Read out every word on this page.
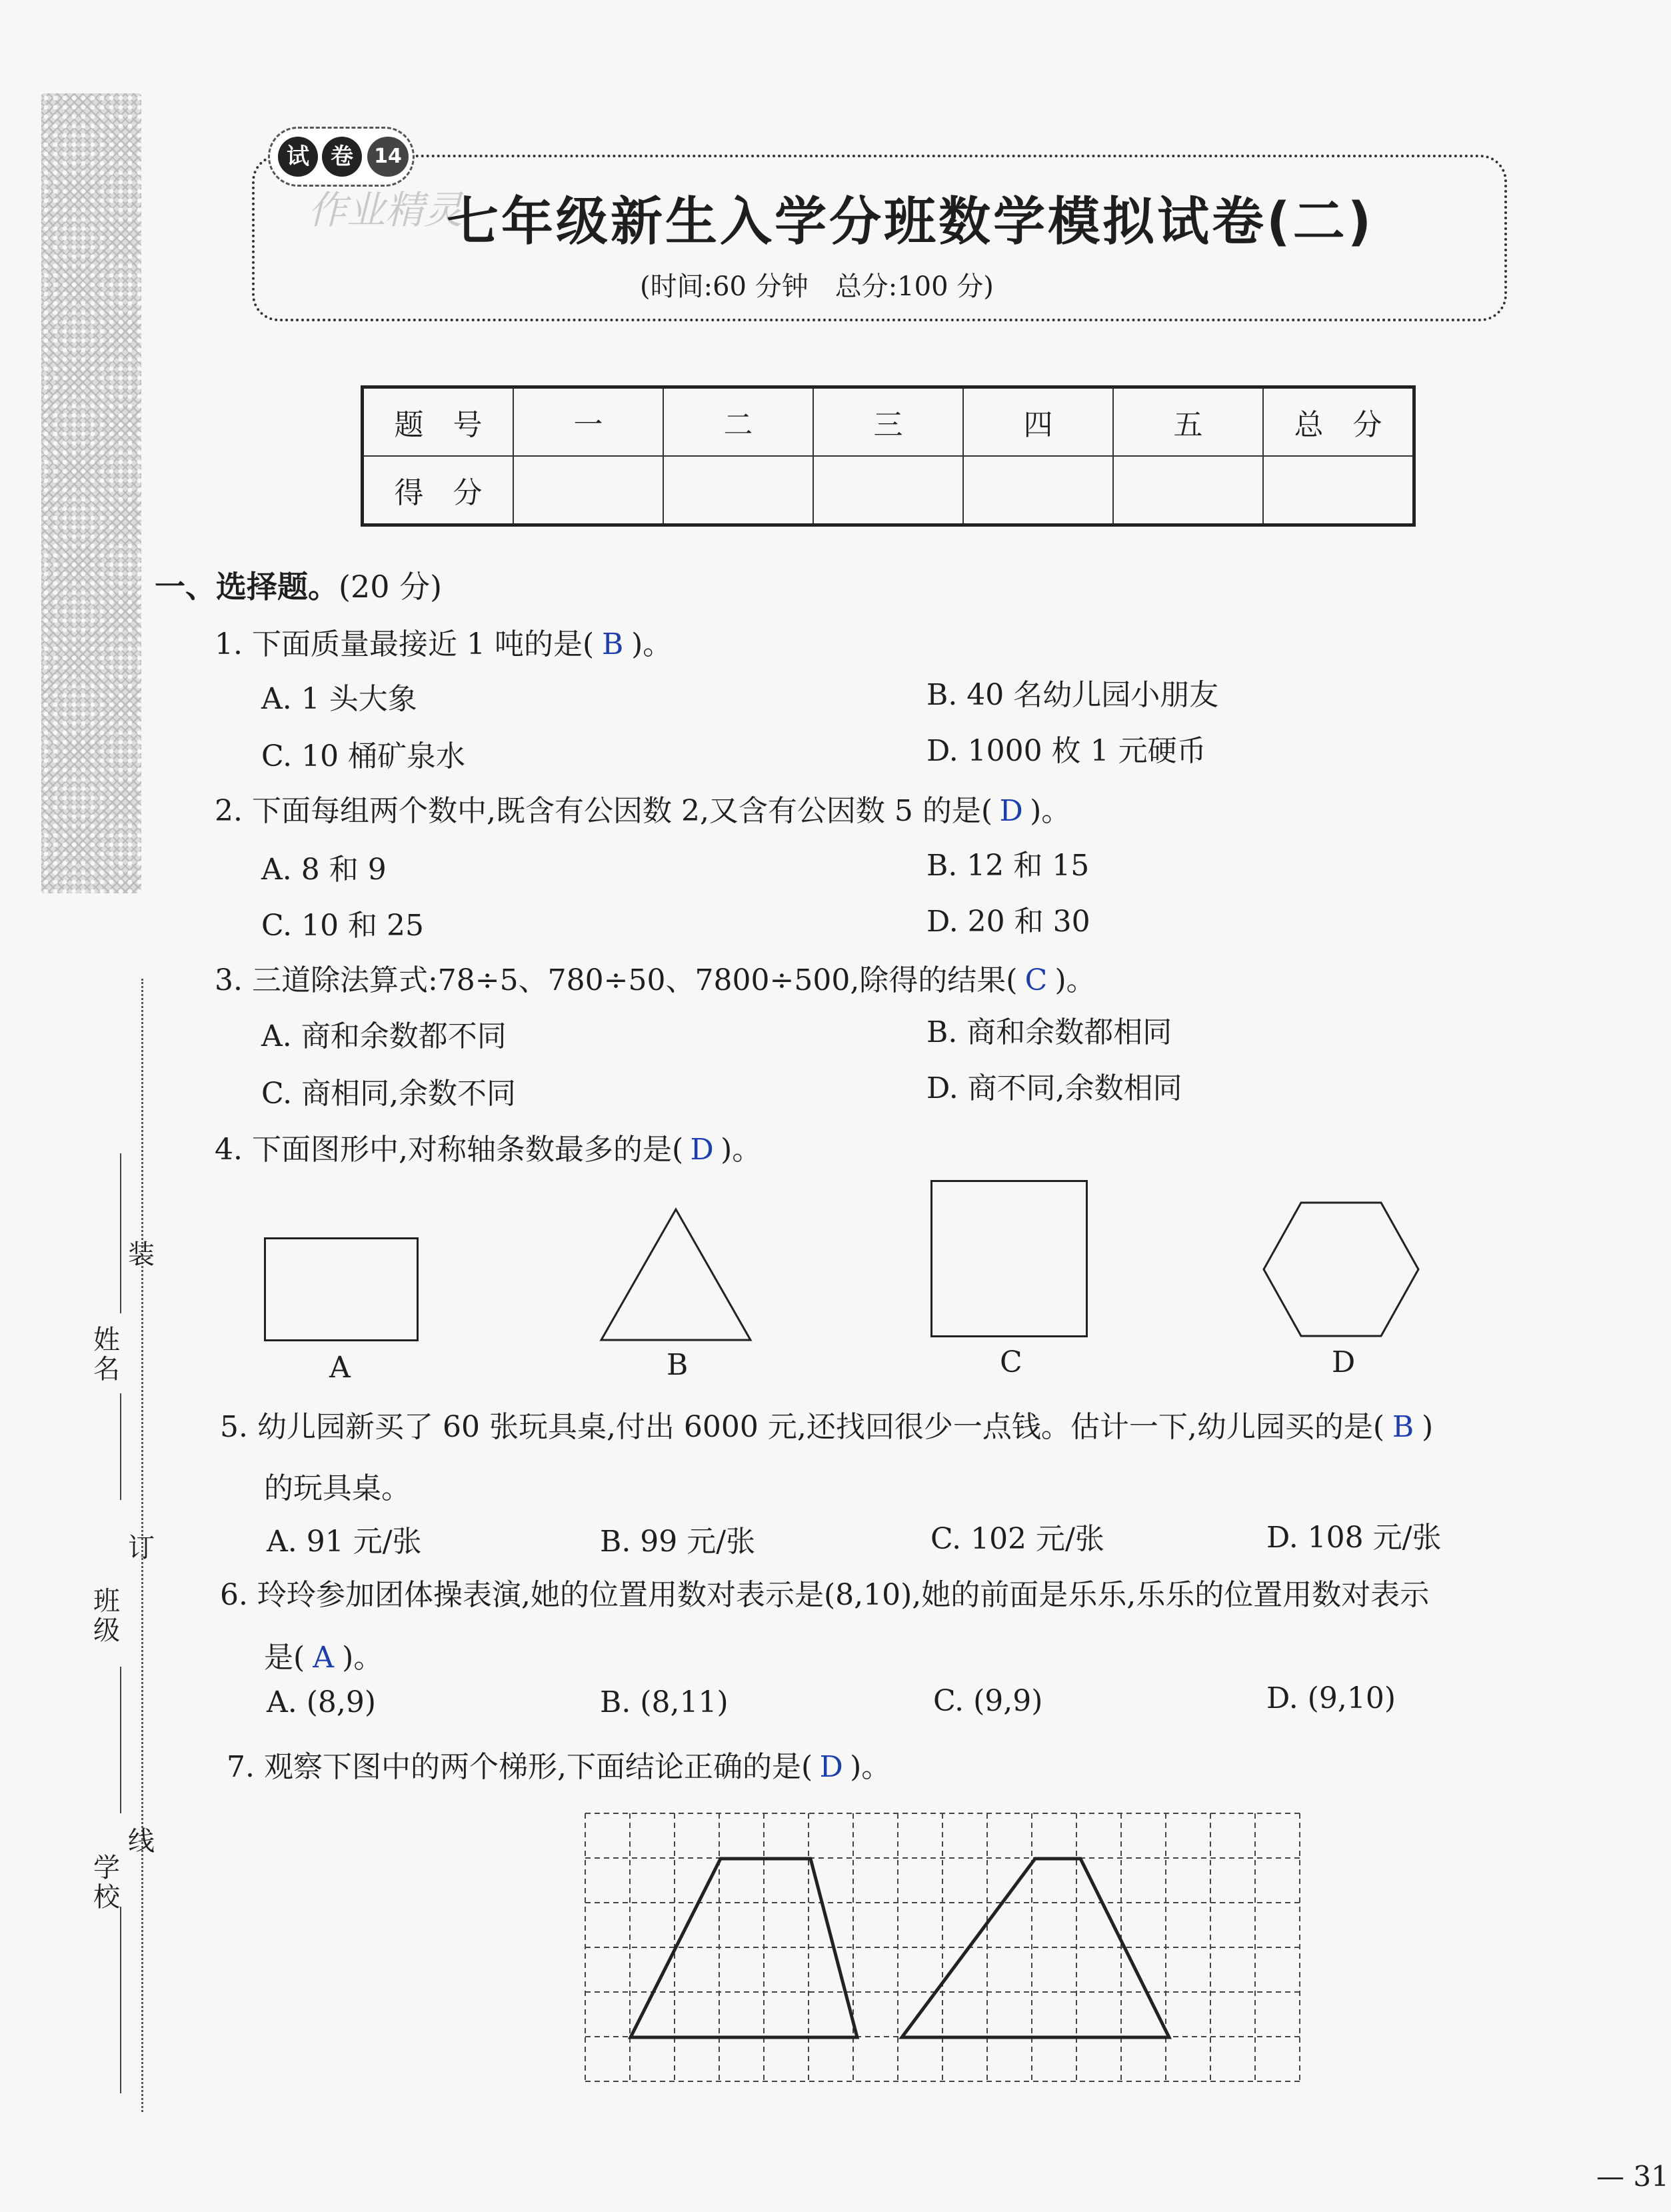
试 卷	14
作业精灵
七年级新生入学分班数学模拟试卷(二)
(时间:60 分钟　总分:100 分)
题　号	一	二	三	四	五	总　分
得　分						
一、选择题。(20 分)
1. 下面质量最接近 1 吨的是( B )。
A. 1 头大象	B. 40 名幼儿园小朋友
C. 10 桶矿泉水	D. 1000 枚 1 元硬币
2. 下面每组两个数中,既含有公因数 2,又含有公因数 5 的是( D )。
A. 8 和 9	B. 12 和 15
C. 10 和 25	D. 20 和 30
3. 三道除法算式:78÷5、780÷50、7800÷500,除得的结果( C )。
A. 商和余数都不同	B. 商和余数都相同
C. 商相同,余数不同	D. 商不同,余数相同
4. 下面图形中,对称轴条数最多的是( D )。
A	B	C	D
5. 幼儿园新买了 60 张玩具桌,付出 6000 元,还找回很少一点钱。估计一下,幼儿园买的是( B )
的玩具桌。
A. 91 元/张	B. 99 元/张	C. 102 元/张	D. 108 元/张
6. 玲玲参加团体操表演,她的位置用数对表示是(8,10),她的前面是乐乐,乐乐的位置用数对表示
是( A )。
A. (8,9)	B. (8,11)	C. (9,9)	D. (9,10)
7. 观察下图中的两个梯形,下面结论正确的是( D )。
装
订
线
姓名
班级
学校
— 31
